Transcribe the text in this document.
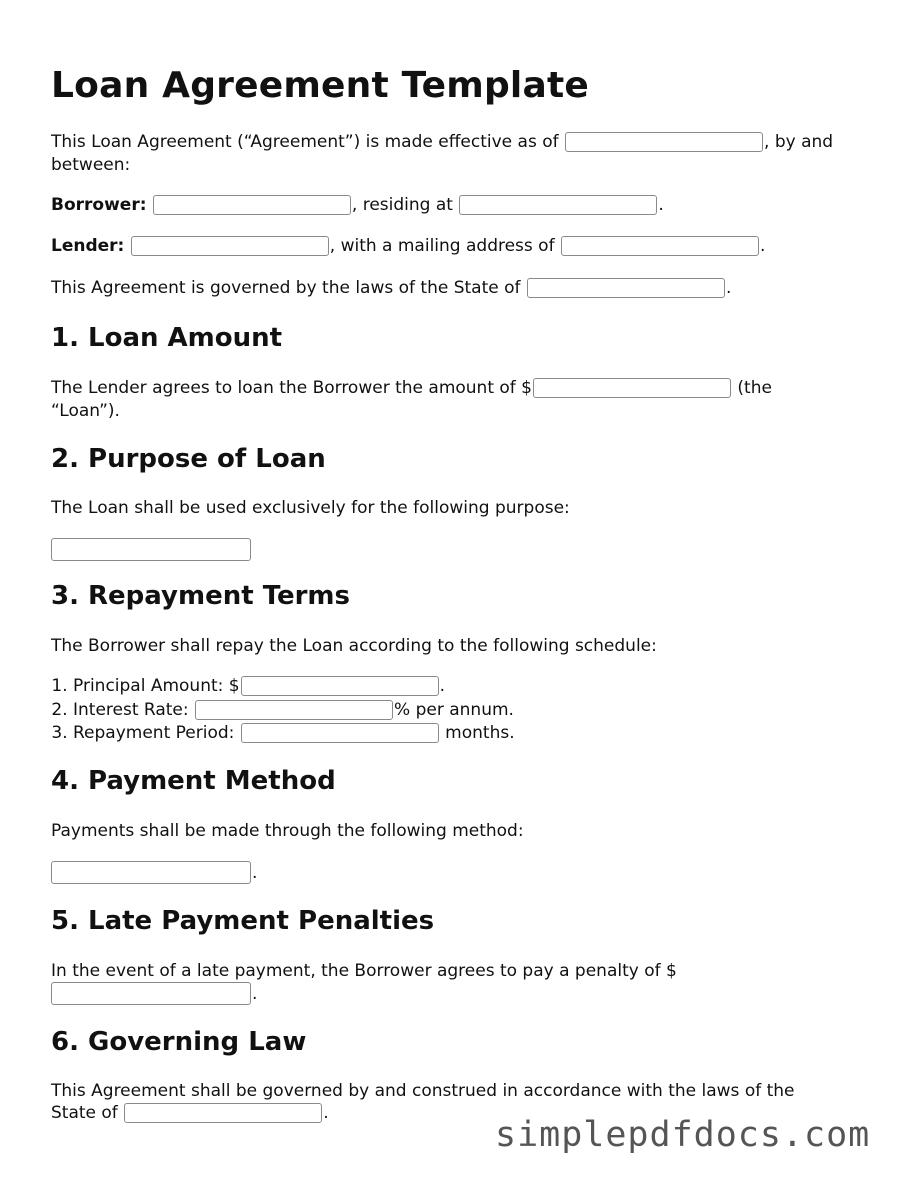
Loan Agreement Template

This Loan Agreement (“Agreement”) is made effective as of	, by and

between:

Borrower:	, residing at	.

Lender:	, with a mailing address of	.

This Agreement is governed by the laws of the State of	.

1. Loan Amount

The Lender agrees to loan the Borrower the amount of $	(the

“Loan”).

2. Purpose of Loan

The Loan shall be used exclusively for the following purpose:

3. Repayment Terms

The Borrower shall repay the Loan according to the following schedule:

1. Principal Amount: $	.
2. Interest Rate:	% per annum.
3. Repayment Period:	months.
4. Payment Method

Payments shall be made through the following method:

.
5. Late Payment Penalties

In the event of a late payment, the Borrower agrees to pay a penalty of $

.
6. Governing Law

This Agreement shall be governed by and construed in accordance with the laws of the

State of	.

simplepdfdocs.com
